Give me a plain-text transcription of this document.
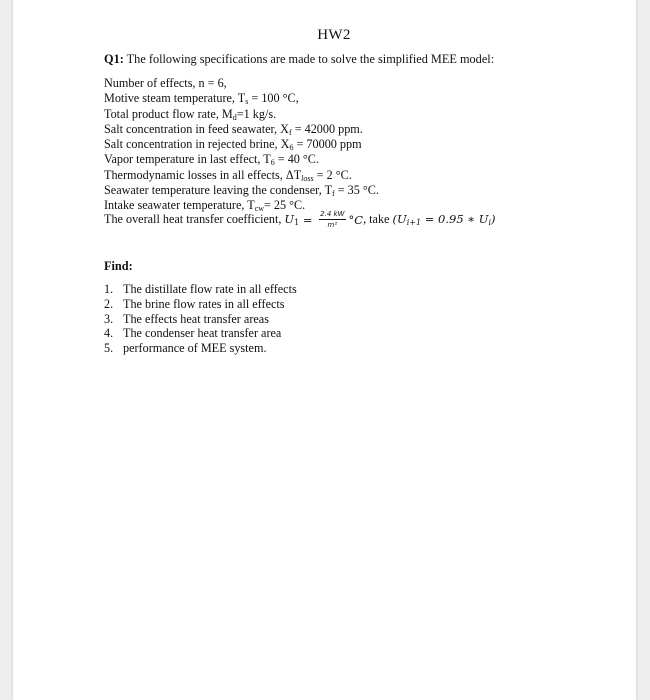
HW2
Q1: The following specifications are made to solve the simplified MEE model:
Number of effects, n = 6,
Motive steam temperature, $T_s = 100$ °C,
Total product flow rate, $M_d=1$ kg/s.
Salt concentration in feed seawater, $X_f = 42000$ ppm.
Salt concentration in rejected brine, $X_6 = 70000$ ppm
Vapor temperature in last effect, $T_6 = 40$ °C.
Thermodynamic losses in all effects, $\Delta T_{loss} = 2$ °C.
Seawater temperature leaving the condenser, $T_f = 35$ °C.
Intake seawater temperature, $T_{cw}= 25$ °C.
The overall heat transfer coefficient, $U_1 = \frac{2.4 kW}{\text{m²}} ^\circ C$ , take ($U_{i+1} = 0.95$ ∗ $U_i$)
Find:
1. The distillate flow rate in all effects
2. The brine flow rates in all effects
3. The effects heat transfer areas
4. The condenser heat transfer area
5. performance of MEE system.
